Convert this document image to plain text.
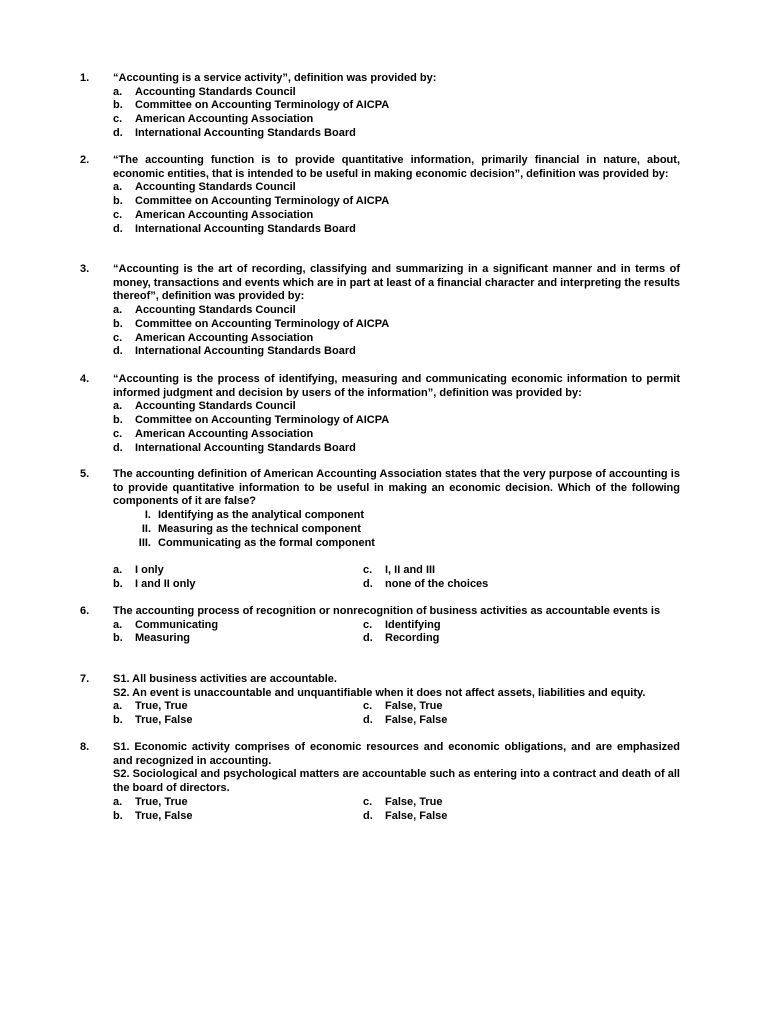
1.	“Accounting is a service activity”, definition was provided by:
a.	Accounting Standards Council
b.	Committee on Accounting Terminology of AICPA
c.	American Accounting Association
d.	International Accounting Standards Board
2.	“The accounting function is to provide quantitative information, primarily financial in nature, about, economic entities, that is intended to be useful in making economic decision”, definition was provided by:
a.	Accounting Standards Council
b.	Committee on Accounting Terminology of AICPA
c.	American Accounting Association
d.	International Accounting Standards Board
3.	“Accounting is the art of recording, classifying and summarizing in a significant manner and in terms of money, transactions and events which are in part at least of a financial character and interpreting the results thereof”, definition was provided by:
a.	Accounting Standards Council
b.	Committee on Accounting Terminology of AICPA
c.	American Accounting Association
d.	International Accounting Standards Board
4.	“Accounting is the process of identifying, measuring and communicating economic information to permit informed judgment and decision by users of the information”, definition was provided by:
a.	Accounting Standards Council
b.	Committee on Accounting Terminology of AICPA
c.	American Accounting Association
d.	International Accounting Standards Board
5.	The accounting definition of American Accounting Association states that the very purpose of accounting is to provide quantitative information to be useful in making an economic decision. Which of the following components of it are false?
I. Identifying as the analytical component
II. Measuring as the technical component
III. Communicating as the formal component
a.	I only	c.	I, II and III
b.	I and II only	d.	none of the choices
6.	The accounting process of recognition or nonrecognition of business activities as accountable events is
a.	Communicating	c.	Identifying
b.	Measuring	d.	Recording
7.	S1. All business activities are accountable.
S2. An event is unaccountable and unquantifiable when it does not affect assets, liabilities and equity.
a.	True, True	c.	False, True
b.	True, False	d.	False, False
8.	S1. Economic activity comprises of economic resources and economic obligations, and are emphasized and recognized in accounting.
S2. Sociological and psychological matters are accountable such as entering into a contract and death of all the board of directors.
a.	True, True	c.	False, True
b.	True, False	d.	False, False
